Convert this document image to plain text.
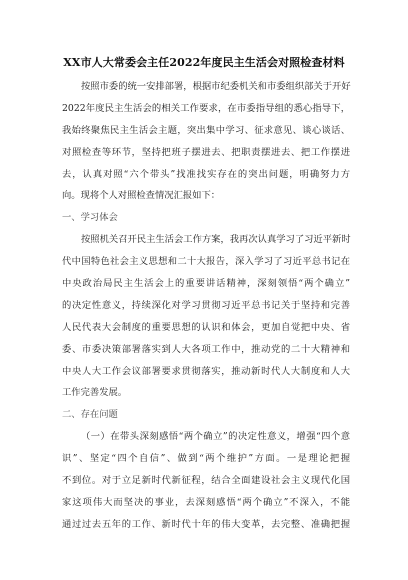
XX市人大常委会主任2022年度民主生活会对照检查材料
按照市委的统一安排部署，根据市纪委机关和市委组织部关于开好
2022年度民主生活会的相关工作要求，在市委指导组的悉心指导下，
我始终聚焦民主生活会主题，突出集中学习、征求意见、谈心谈话、
对照检查等环节，坚持把班子摆进去、把职责摆进去、把工作摆进
去，认真对照“六个带头”找准找实存在的突出问题，明确努力方
向。现将个人对照检查情况汇报如下：
一、学习体会
按照机关召开民主生活会工作方案，我再次认真学习了习近平新时
代中国特色社会主义思想和二十大报告，深入学习了习近平总书记在
中央政治局民主生活会上的重要讲话精神，深刻领悟“两个确立”
的决定性意义，持续深化对学习贯彻习近平总书记关于坚持和完善
人民代表大会制度的重要思想的认识和体会，更加自觉把中央、省
委、市委决策部署落实到人大各项工作中，推动党的二十大精神和
中央人大工作会议部署要求贯彻落实，推动新时代人大制度和人大
工作完善发展。
二、存在问题
（一）在带头深刻感悟“两个确立”的决定性意义，增强“四个意
识”、坚定“四个自信”、做到“两个维护”方面。一是理论把握
不到位。对于立足新时代新征程，结合全面建设社会主义现代化国
家这项伟大而坚决的事业，去深刻感悟“两个确立”不深入，不能
通过过去五年的工作、新时代十年的伟大变革，去完整、准确把握
